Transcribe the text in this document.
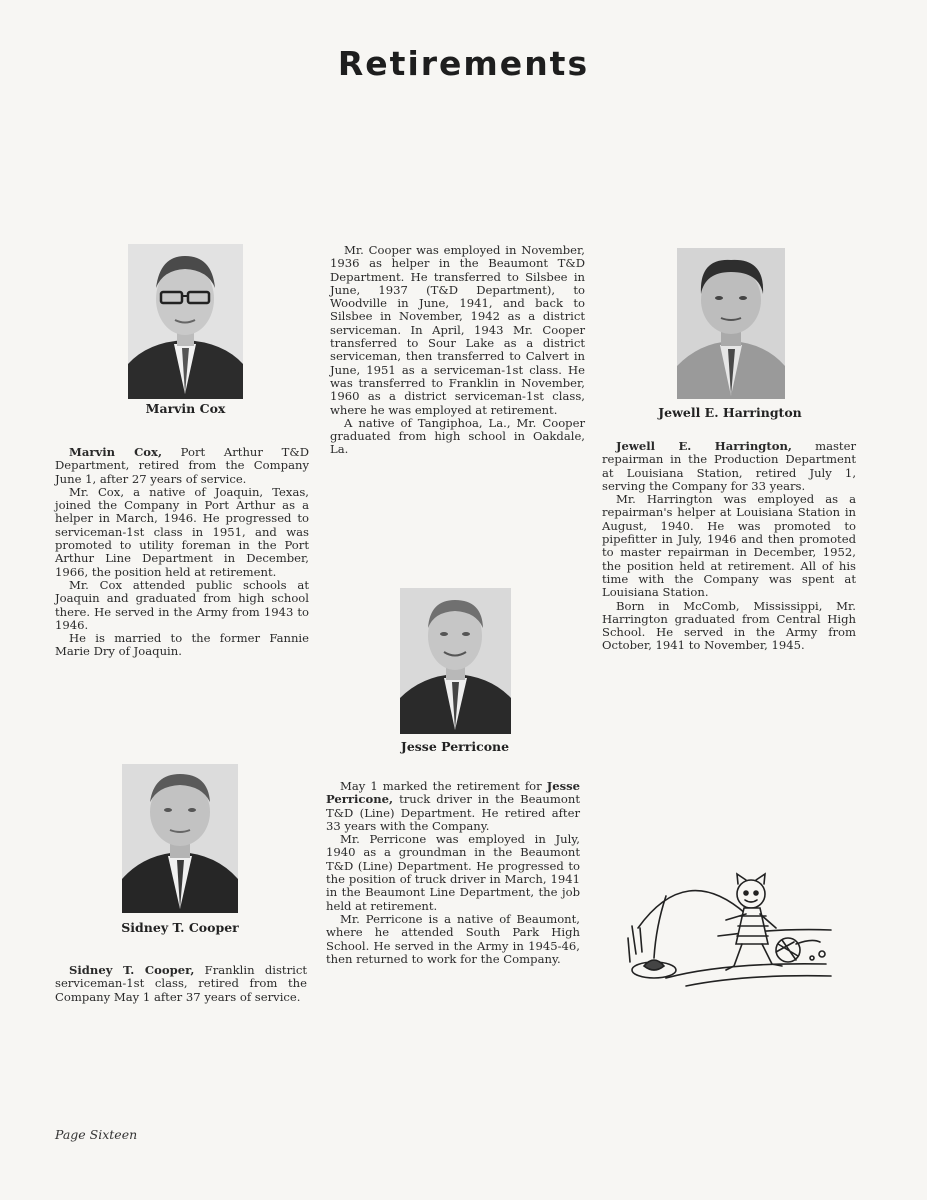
Retirements
Marvin Cox

Marvin Cox, Port Arthur T&D Department, retired from the Company June 1, after 27 years of service.

Mr. Cox, a native of Joaquin, Texas, joined the Company in Port Arthur as a helper in March, 1946. He progressed to serviceman-1st class in 1951, and was promoted to utility foreman in the Port Arthur Line Department in December, 1966, the position held at retirement.

Mr. Cox attended public schools at Joaquin and graduated from high school there. He served in the Army from 1943 to 1946.

He is married to the former Fannie Marie Dry of Joaquin.

Sidney T. Cooper

Sidney T. Cooper, Franklin district serviceman-1st class, retired from the Company May 1 after 37 years of service.

Mr. Cooper was employed in November, 1936 as helper in the Beaumont T&D Department. He transferred to Silsbee in June, 1937 (T&D Department), to Woodville in June, 1941, and back to Silsbee in November, 1942 as a district serviceman. In April, 1943 Mr. Cooper transferred to Sour Lake as a district serviceman, then transferred to Calvert in June, 1951 as a serviceman-1st class. He was transferred to Franklin in November, 1960 as a district serviceman-1st class, where he was employed at retirement.

A native of Tangiphoa, La., Mr. Cooper graduated from high school in Oakdale, La.

Jesse Perricone

May 1 marked the retirement for Jesse Perricone, truck driver in the Beaumont T&D (Line) Department. He retired after 33 years with the Company.

Mr. Perricone was employed in July, 1940 as a groundman in the Beaumont T&D (Line) Department. He progressed to the position of truck driver in March, 1941 in the Beaumont Line Department, the job held at retirement.

Mr. Perricone is a native of Beaumont, where he attended South Park High School. He served in the Army in 1945-46, then returned to work for the Company.

Jewell E. Harrington

Jewell E. Harrington, master repairman in the Production Department at Louisiana Station, retired July 1, serving the Company for 33 years.

Mr. Harrington was employed as a repairman's helper at Louisiana Station in August, 1940. He was promoted to pipefitter in July, 1946 and then promoted to master repairman in December, 1952, the position held at retirement. All of his time with the Company was spent at Louisiana Station.

Born in McComb, Mississippi, Mr. Harrington graduated from Central High School. He served in the Army from October, 1941 to November, 1945.

Page Sixteen
